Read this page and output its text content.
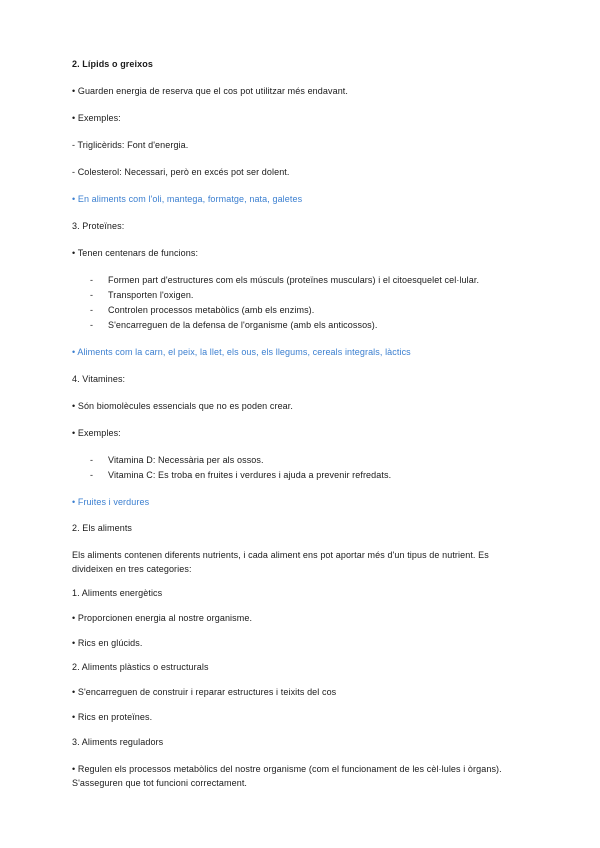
2. Lípids o greixos
• Guarden energia de reserva que el cos pot utilitzar més endavant.
• Exemples:
- Triglicèrids: Font d'energia.
- Colesterol: Necessari, però en excés pot ser dolent.
• En aliments com l'oli, mantega, formatge, nata, galetes
3. Proteïnes:
• Tenen centenars de funcions:
- Formen part d'estructures com els músculs (proteïnes musculars) i el citoesquelet cel·lular.
- Transporten l'oxigen.
- Controlen processos metabòlics (amb els enzims).
- S'encarreguen de la defensa de l'organisme (amb els anticossos).
• Aliments com la carn, el peix, la llet, els ous, els llegums, cereals integrals, làctics
4. Vitamines:
• Són biomolècules essencials que no es poden crear.
• Exemples:
- Vitamina D: Necessària per als ossos.
- Vitamina C: Es troba en fruites i verdures i ajuda a prevenir refredats.
• Fruites i verdures
2. Els aliments
Els aliments contenen diferents nutrients, i cada aliment ens pot aportar més d'un tipus de nutrient. Es divideixen en tres categories:
1. Aliments energètics
• Proporcionen energia al nostre organisme.
• Rics en glúcids.
2. Aliments plàstics o estructurals
• S'encarreguen de construir i reparar estructures i teixits del cos
• Rics en proteïnes.
3. Aliments reguladors
• Regulen els processos metabòlics del nostre organisme (com el funcionament de les cèl·lules i òrgans). S'asseguren que tot funcioni correctament.
